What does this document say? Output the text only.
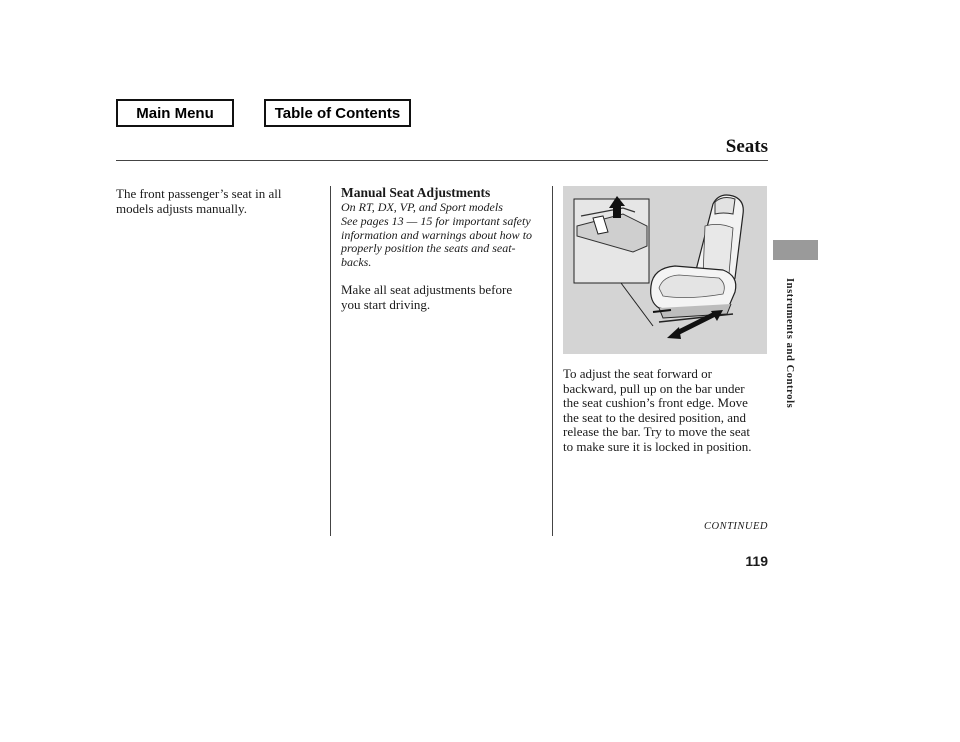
Main Menu	Table of Contents
Seats
The front passenger’s seat in all
models adjusts manually.
Manual Seat Adjustments
On RT, DX, VP, and Sport models
See pages 13 — 15 for important safety
information and warnings about how to
properly position the seats and seat-
backs.
Make all seat adjustments before
you start driving.
To adjust the seat forward or
backward, pull up on the bar under
the seat cushion’s front edge. Move
the seat to the desired position, and
release the bar. Try to move the seat
to make sure it is locked in position.
CONTINUED
119
Instruments and Controls
